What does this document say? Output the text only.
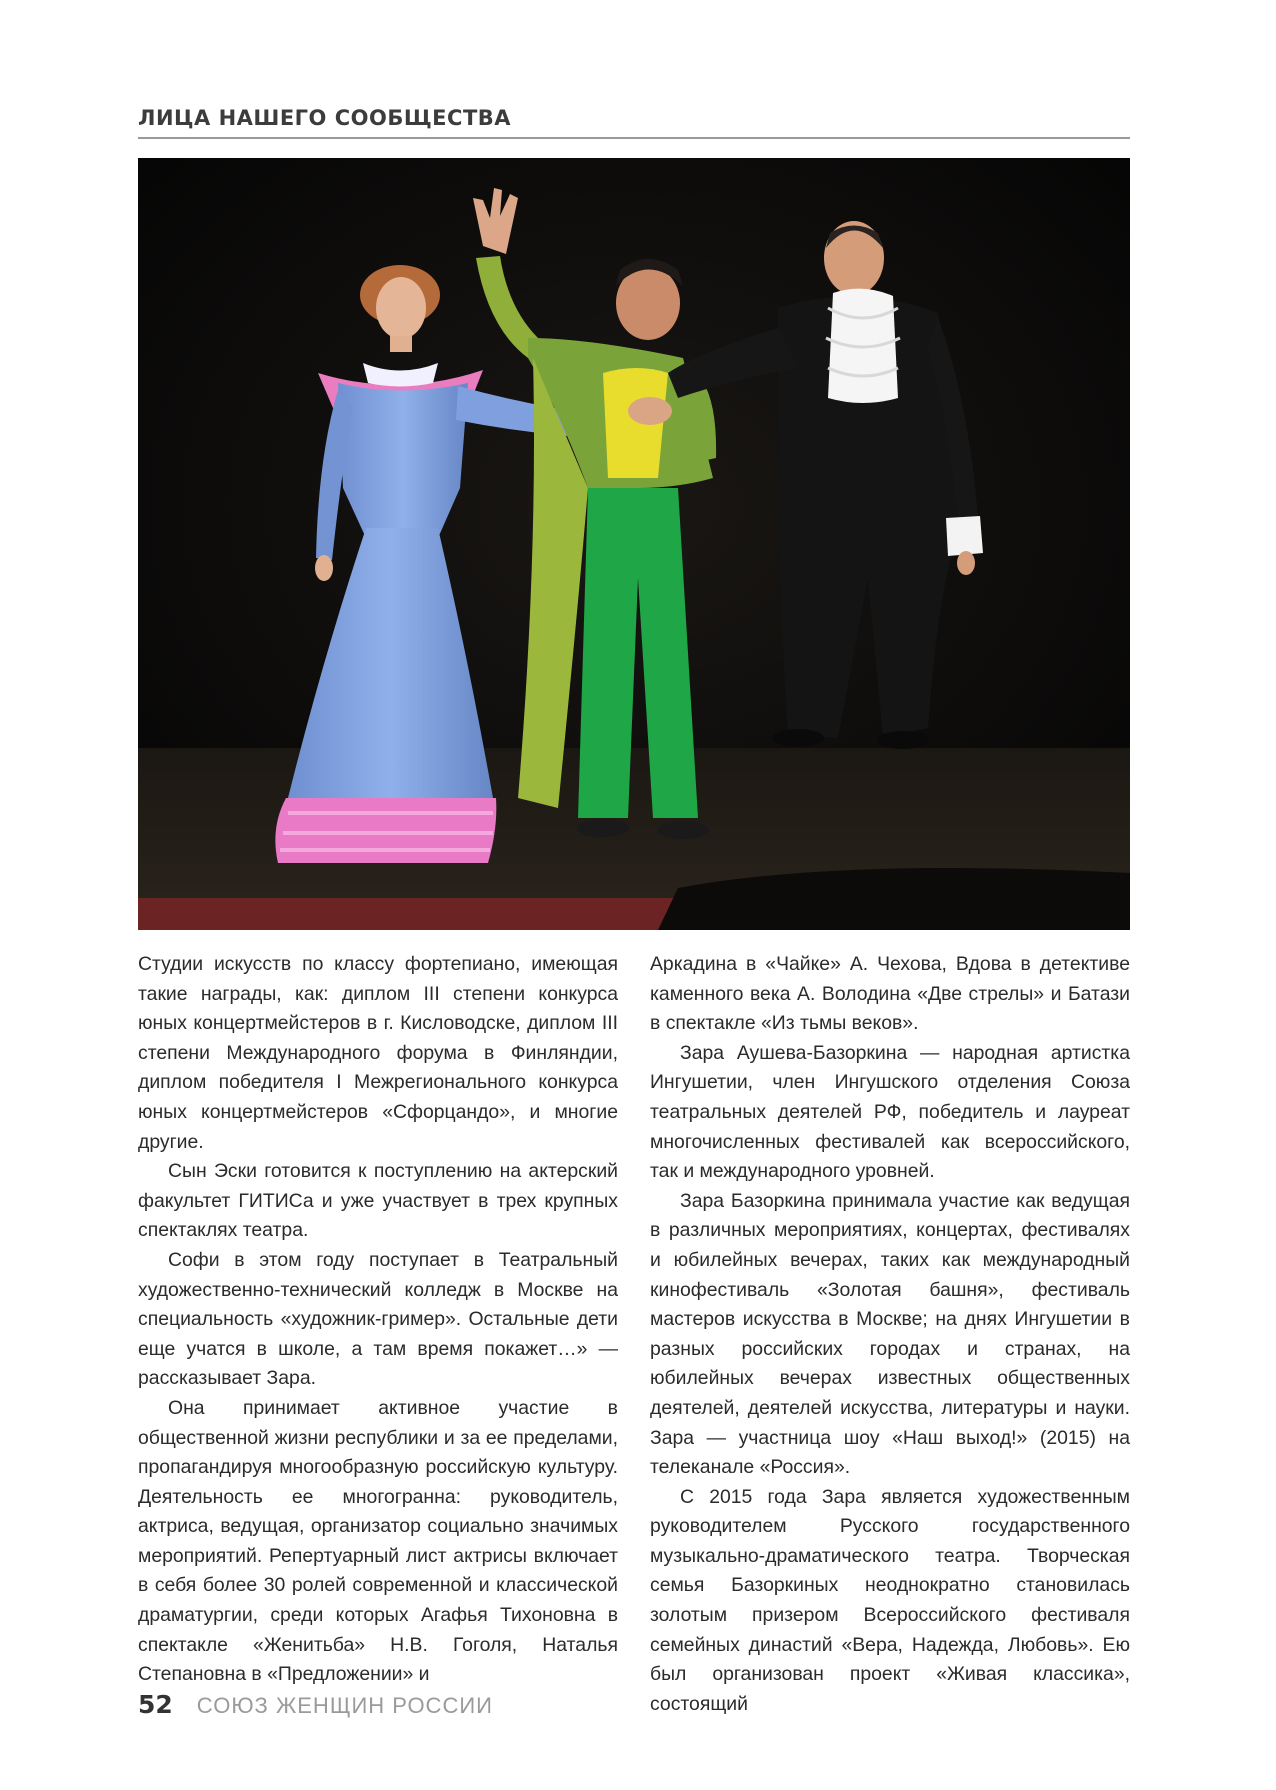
ЛИЦА НАШЕГО СООБЩЕСТВА

Студии искусств по классу фортепиано, имеющая такие награды, как: диплом III степени конкурса юных концертмейстеров в г. Кисловодске, диплом III степени Международного форума в Финляндии, диплом победителя I Межрегионального конкурса юных концертмейстеров «Сфорцандо», и многие другие.

Сын Эски готовится к поступлению на актерский факультет ГИТИСа и уже участвует в трех крупных спектаклях театра.

Софи в этом году поступает в Театральный художественно-технический колледж в Москве на специальность «художник-гример». Остальные дети еще учатся в школе, а там время покажет…» — рассказывает Зара.

Она принимает активное участие в общественной жизни республики и за ее пределами, пропагандируя многообразную российскую культуру. Деятельность ее многогранна: руководитель, актриса, ведущая, организатор социально значимых мероприятий. Репертуарный лист актрисы включает в себя более 30 ролей современной и классической драматургии, среди которых Агафья Тихоновна в спектакле «Женитьба» Н.В. Гоголя, Наталья Степановна в «Предложении» и

Аркадина в «Чайке» А. Чехова, Вдова в детективе каменного века А. Володина «Две стрелы» и Батази в спектакле «Из тьмы веков».

Зара Аушева-Базоркина — народная артистка Ингушетии, член Ингушского отделения Союза театральных деятелей РФ, победитель и лауреат многочисленных фестивалей как всероссийского, так и международного уровней.

Зара Базоркина принимала участие как ведущая в различных мероприятиях, концертах, фестивалях и юбилейных вечерах, таких как международный кинофестиваль «Золотая башня», фестиваль мастеров искусства в Москве; на днях Ингушетии в разных российских городах и странах, на юбилейных вечерах известных общественных деятелей, деятелей искусства, литературы и науки. Зара — участница шоу «Наш выход!» (2015) на телеканале «Россия».

С 2015 года Зара является художественным руководителем Русского государственного музыкально-драматического театра. Творческая семья Базоркиных неоднократно становилась золотым призером Всероссийского фестиваля семейных династий «Вера, Надежда, Любовь». Ею был организован проект «Живая классика», состоящий

52 СОЮЗ ЖЕНЩИН РОССИИ
